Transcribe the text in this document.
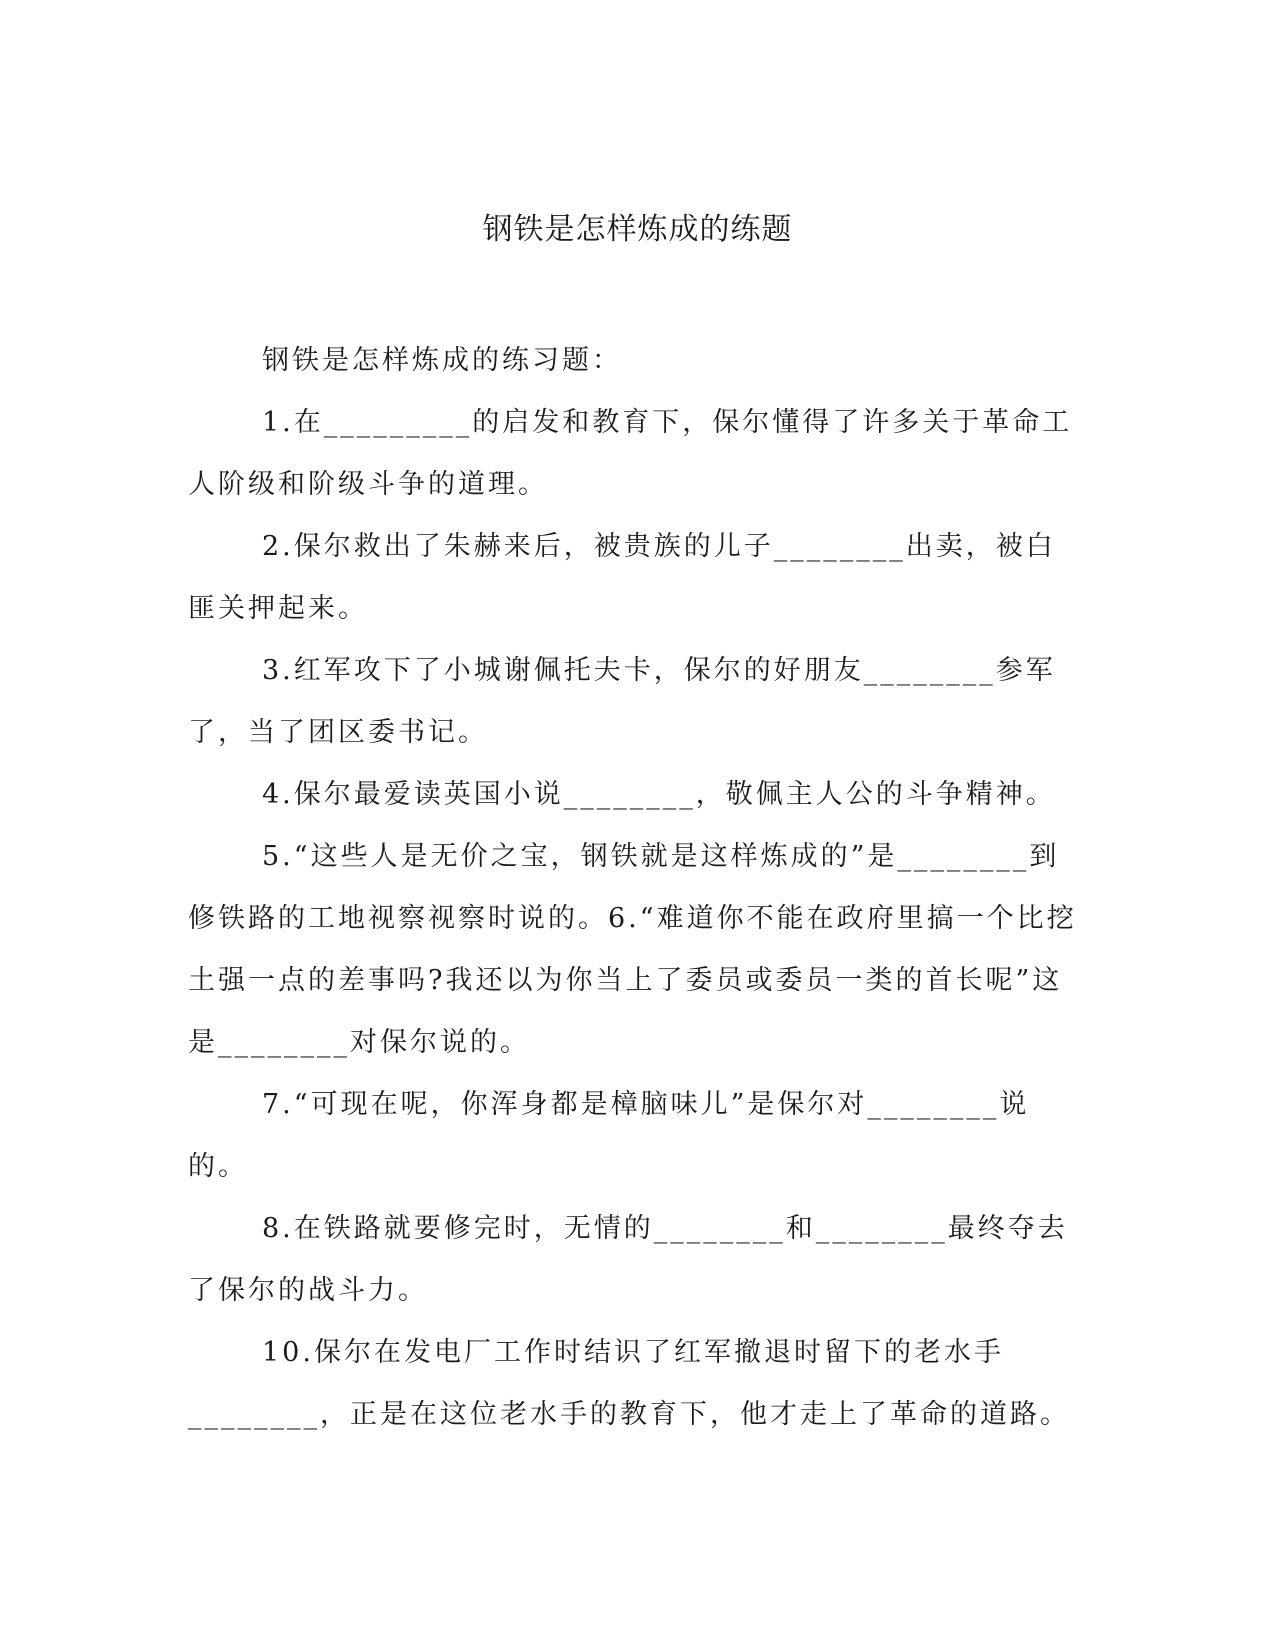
钢铁是怎样炼成的练题

钢铁是怎样炼成的练习题：

1.在_________的启发和教育下，保尔懂得了许多关于革命工人阶级和阶级斗争的道理。

2.保尔救出了朱赫来后，被贵族的儿子________出卖，被白匪关押起来。

3.红军攻下了小城谢佩托夫卡，保尔的好朋友________参军了，当了团区委书记。

4.保尔最爱读英国小说________，敬佩主人公的斗争精神。

5.“这些人是无价之宝，钢铁就是这样炼成的”是________到修铁路的工地视察视察时说的。6.“难道你不能在政府里搞一个比挖土强一点的差事吗?我还以为你当上了委员或委员一类的首长呢”这是________对保尔说的。

7.“可现在呢，你浑身都是樟脑味儿”是保尔对________说的。

8.在铁路就要修完时，无情的________和________最终夺去了保尔的战斗力。

10.保尔在发电厂工作时结识了红军撤退时留下的老水手________，正是在这位老水手的教育下，他才走上了革命的道路。
